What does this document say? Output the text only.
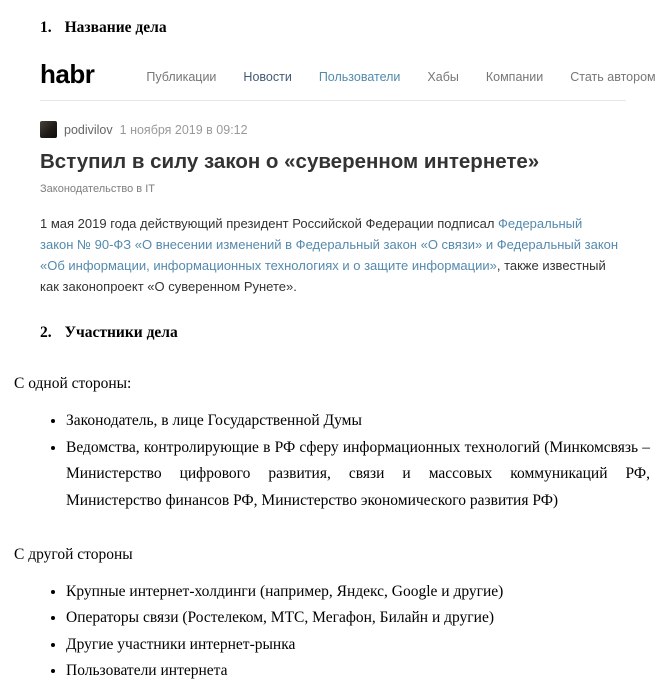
1. Название дела
habr	Публикации Новости Пользователи Хабы Компании Стать автором
podivilov 1 ноября 2019 в 09:12
Вступил в силу закон о «суверенном интернете»
Законодательство в IT
1 мая 2019 года действующий президент Российской Федерации подписал Федеральный закон № 90-ФЗ «О внесении изменений в Федеральный закон «О связи» и Федеральный закон «Об информации, информационных технологиях и о защите информации», также известный как законопроект «О суверенном Рунете».
2. Участники дела

С одной стороны:

• Законодатель, в лице Государственной Думы
• Ведомства, контролирующие в РФ сферу информационных технологий (Минкомсвязь – Министерство цифрового развития, связи и массовых коммуникаций РФ, Министерство финансов РФ, Министерство экономического развития РФ)

С другой стороны

• Крупные интернет-холдинги (например, Яндекс, Google и другие)
• Операторы связи (Ростелеком, МТС, Мегафон, Билайн и другие)
• Другие участники интернет-рынка
• Пользователи интернета
